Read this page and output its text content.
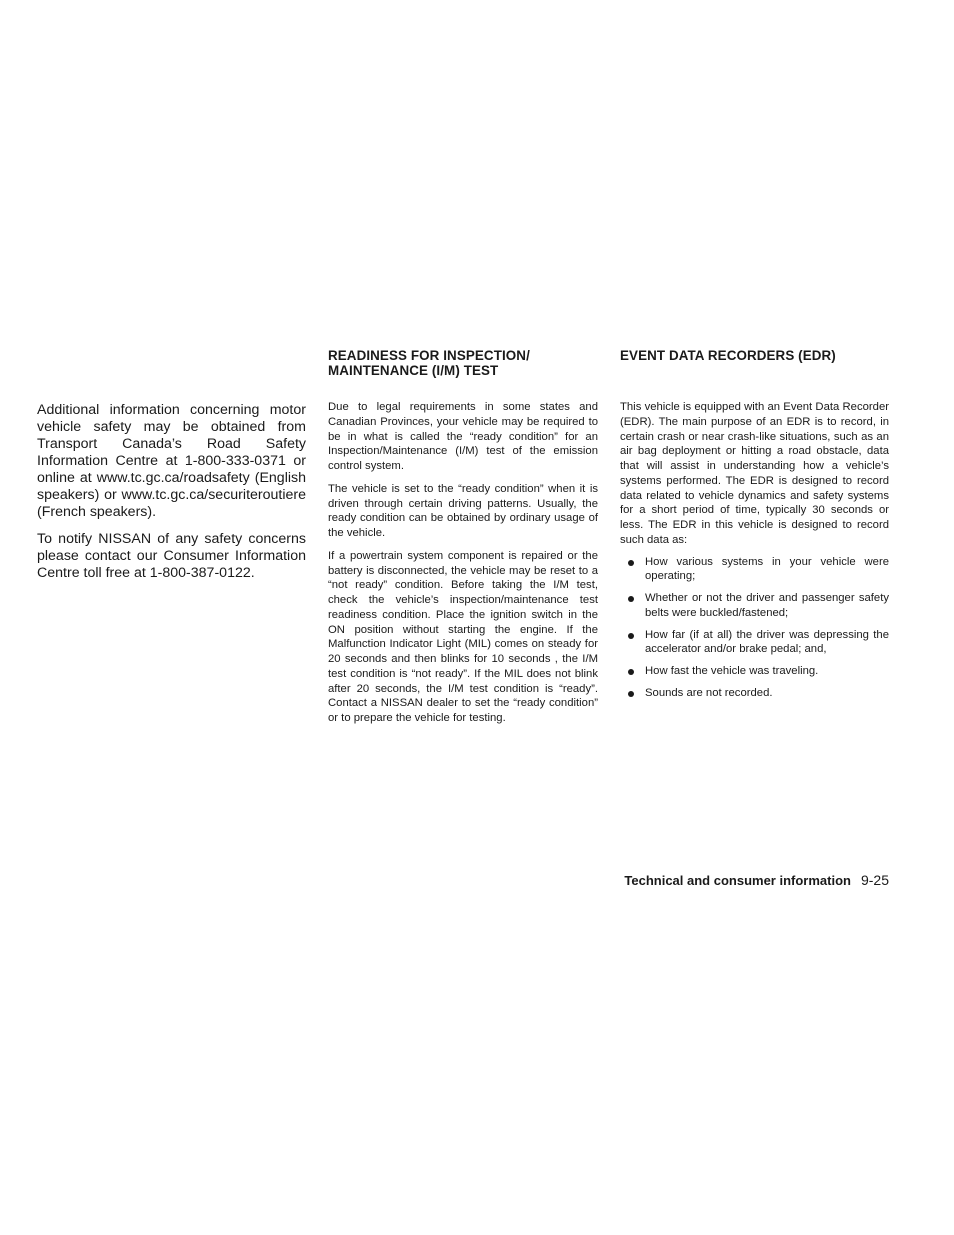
Additional information concerning motor vehicle safety may be obtained from Transport Canada’s Road Safety Information Centre at 1-800-333-0371 or online at www.tc.gc.ca/roadsafety (English speakers) or www.tc.gc.ca/securiteroutiere (French speakers).

To notify NISSAN of any safety concerns please contact our Consumer Information Centre toll free at 1-800-387-0122.

READINESS FOR INSPECTION/
MAINTENANCE (I/M) TEST

Due to legal requirements in some states and Canadian Provinces, your vehicle may be required to be in what is called the “ready condition” for an Inspection/Maintenance (I/M) test of the emission control system.

The vehicle is set to the “ready condition” when it is driven through certain driving patterns. Usually, the ready condition can be obtained by ordinary usage of the vehicle.

If a powertrain system component is repaired or the battery is disconnected, the vehicle may be reset to a “not ready” condition. Before taking the I/M test, check the vehicle’s inspection/maintenance test readiness condition. Place the ignition switch in the ON position without starting the engine. If the Malfunction Indicator Light (MIL) comes on steady for 20 seconds and then blinks for 10 seconds , the I/M test condition is “not ready”. If the MIL does not blink after 20 seconds, the I/M test condition is “ready”. Contact a NISSAN dealer to set the “ready condition” or to prepare the vehicle for testing.

EVENT DATA RECORDERS (EDR)

This vehicle is equipped with an Event Data Recorder (EDR). The main purpose of an EDR is to record, in certain crash or near crash-like situations, such as an air bag deployment or hitting a road obstacle, data that will assist in understanding how a vehicle’s systems performed. The EDR is designed to record data related to vehicle dynamics and safety systems for a short period of time, typically 30 seconds or less. The EDR in this vehicle is designed to record such data as:

How various systems in your vehicle were operating;
Whether or not the driver and passenger safety belts were buckled/fastened;
How far (if at all) the driver was depressing the accelerator and/or brake pedal; and,
How fast the vehicle was traveling.
Sounds are not recorded.
Technical and consumer information 9-25
